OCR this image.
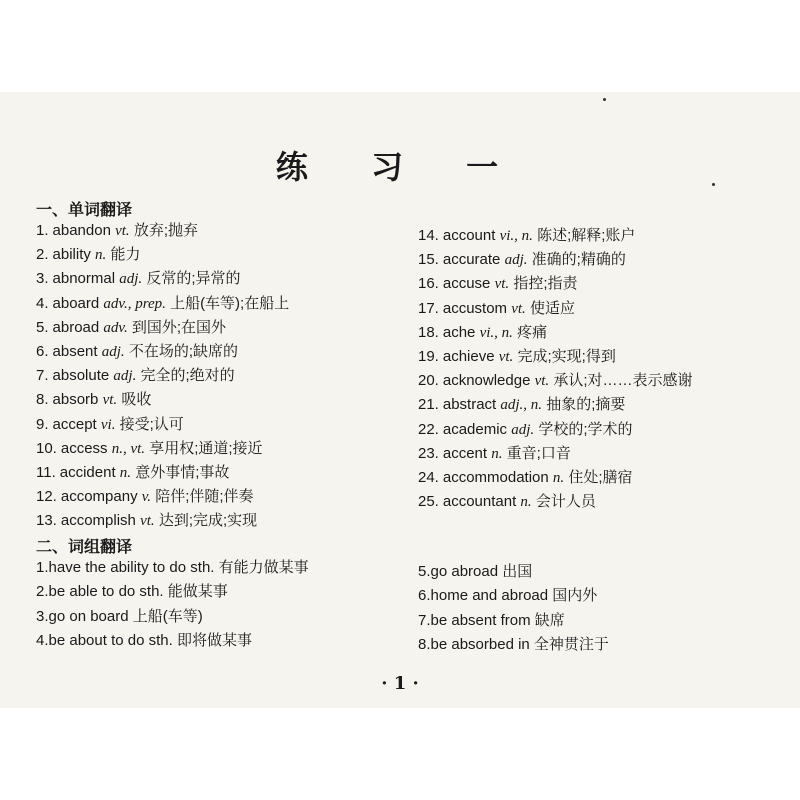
练 习 一
一、单词翻译
1. abandon vt. 放弃;抛弃
2. ability n. 能力
3. abnormal adj. 反常的;异常的
4. aboard adv., prep. 上船(车等);在船上
5. abroad adv. 到国外;在国外
6. absent adj. 不在场的;缺席的
7. absolute adj. 完全的;绝对的
8. absorb vt. 吸收
9. accept vi. 接受;认可
10. access n., vt. 享用权;通道;接近
11. accident n. 意外事情;事故
12. accompany v. 陪伴;伴随;伴奏
13. accomplish vt. 达到;完成;实现
14. account vi., n. 陈述;解释;账户
15. accurate adj. 准确的;精确的
16. accuse vt. 指控;指责
17. accustom vt. 使适应
18. ache vi., n. 疼痛
19. achieve vt. 完成;实现;得到
20. acknowledge vt. 承认;对……表示感谢
21. abstract adj., n. 抽象的;摘要
22. academic adj. 学校的;学术的
23. accent n. 重音;口音
24. accommodation n. 住处;膳宿
25. accountant n. 会计人员
二、词组翻译
1.have the ability to do sth. 有能力做某事
2.be able to do sth. 能做某事
3.go on board 上船(车等)
4.be about to do sth. 即将做某事
5.go abroad 出国
6.home and abroad 国内外
7.be absent from 缺席
8.be absorbed in 全神贯注于
· 1 ·
